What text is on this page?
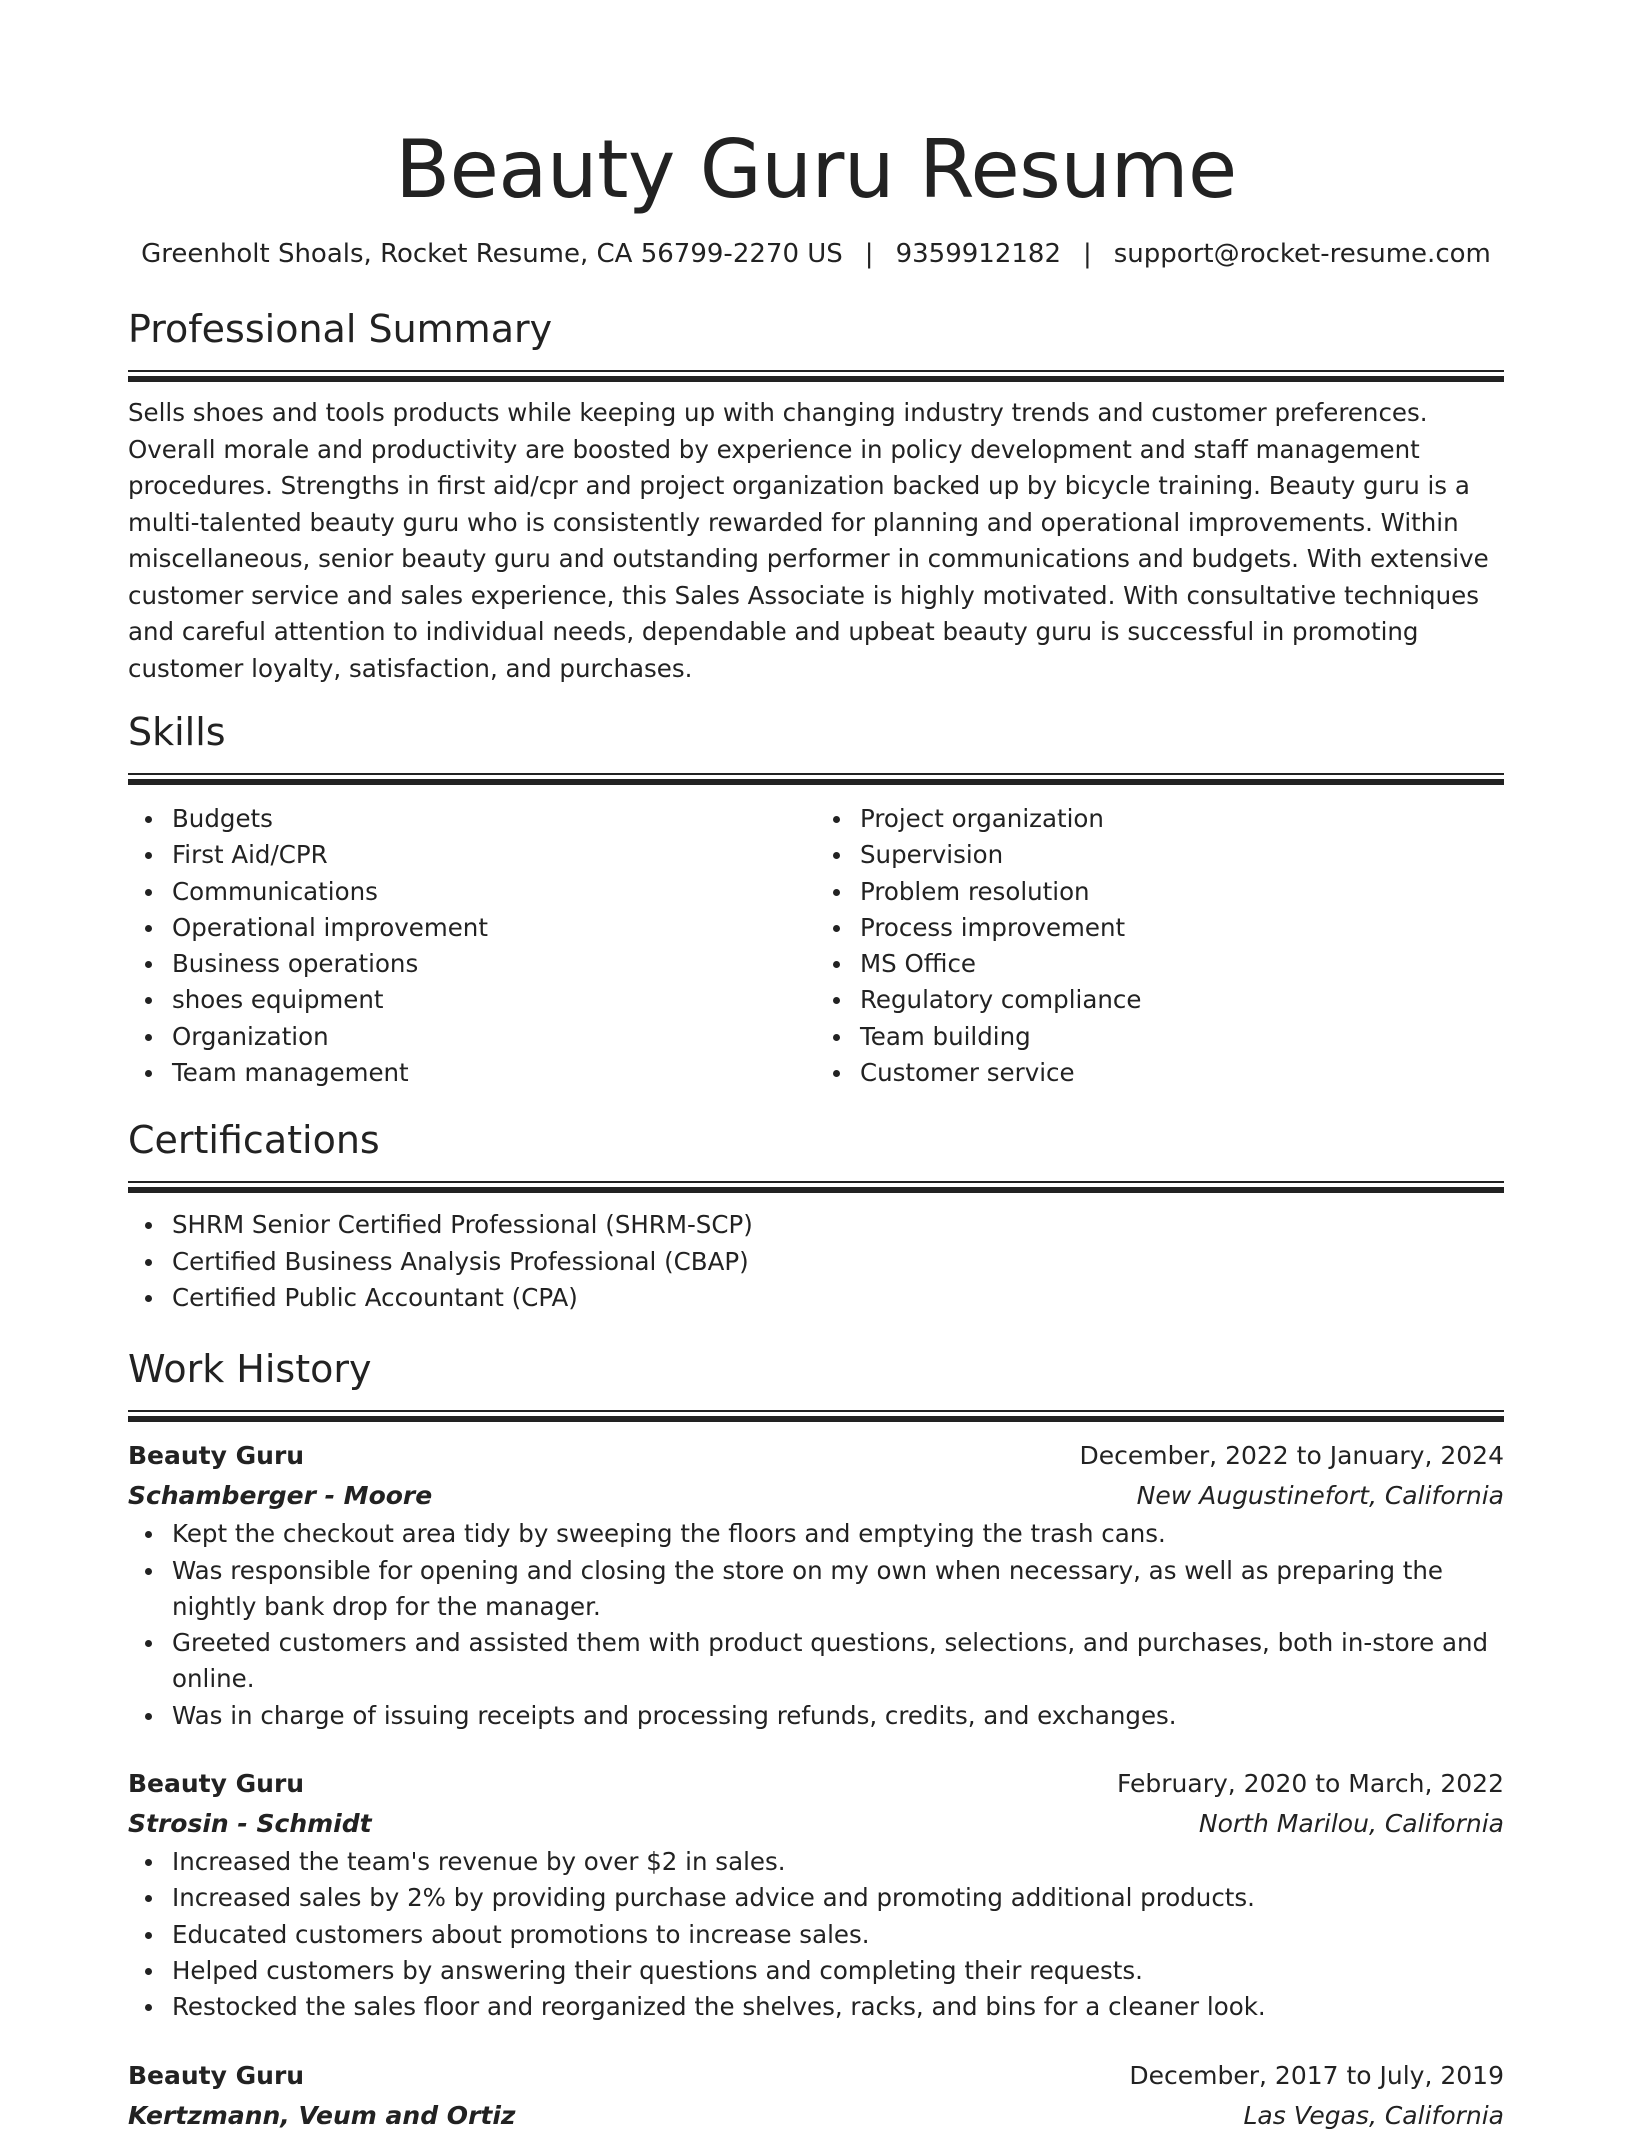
Beauty Guru Resume
Greenholt Shoals, Rocket Resume, CA 56799-2270 US | 9359912182 | support@rocket-resume.com
Professional Summary
Sells shoes and tools products while keeping up with changing industry trends and customer preferences. Overall morale and productivity are boosted by experience in policy development and staff management procedures. Strengths in first aid/cpr and project organization backed up by bicycle training. Beauty guru is a multi-talented beauty guru who is consistently rewarded for planning and operational improvements. Within miscellaneous, senior beauty guru and outstanding performer in communications and budgets. With extensive customer service and sales experience, this Sales Associate is highly motivated. With consultative techniques and careful attention to individual needs, dependable and upbeat beauty guru is successful in promoting customer loyalty, satisfaction, and purchases.
Skills
Budgets
First Aid/CPR
Communications
Operational improvement
Business operations
shoes equipment
Organization
Team management
Project organization
Supervision
Problem resolution
Process improvement
MS Office
Regulatory compliance
Team building
Customer service
Certifications
SHRM Senior Certified Professional (SHRM-SCP)
Certified Business Analysis Professional (CBAP)
Certified Public Accountant (CPA)
Work History
Beauty Guru	December, 2022 to January, 2024
Schamberger - Moore	New Augustinefort, California
Kept the checkout area tidy by sweeping the floors and emptying the trash cans.
Was responsible for opening and closing the store on my own when necessary, as well as preparing the nightly bank drop for the manager.
Greeted customers and assisted them with product questions, selections, and purchases, both in-store and online.
Was in charge of issuing receipts and processing refunds, credits, and exchanges.
Beauty Guru	February, 2020 to March, 2022
Strosin - Schmidt	North Marilou, California
Increased the team's revenue by over $2 in sales.
Increased sales by 2% by providing purchase advice and promoting additional products.
Educated customers about promotions to increase sales.
Helped customers by answering their questions and completing their requests.
Restocked the sales floor and reorganized the shelves, racks, and bins for a cleaner look.
Beauty Guru	December, 2017 to July, 2019
Kertzmann, Veum and Ortiz	Las Vegas, California
